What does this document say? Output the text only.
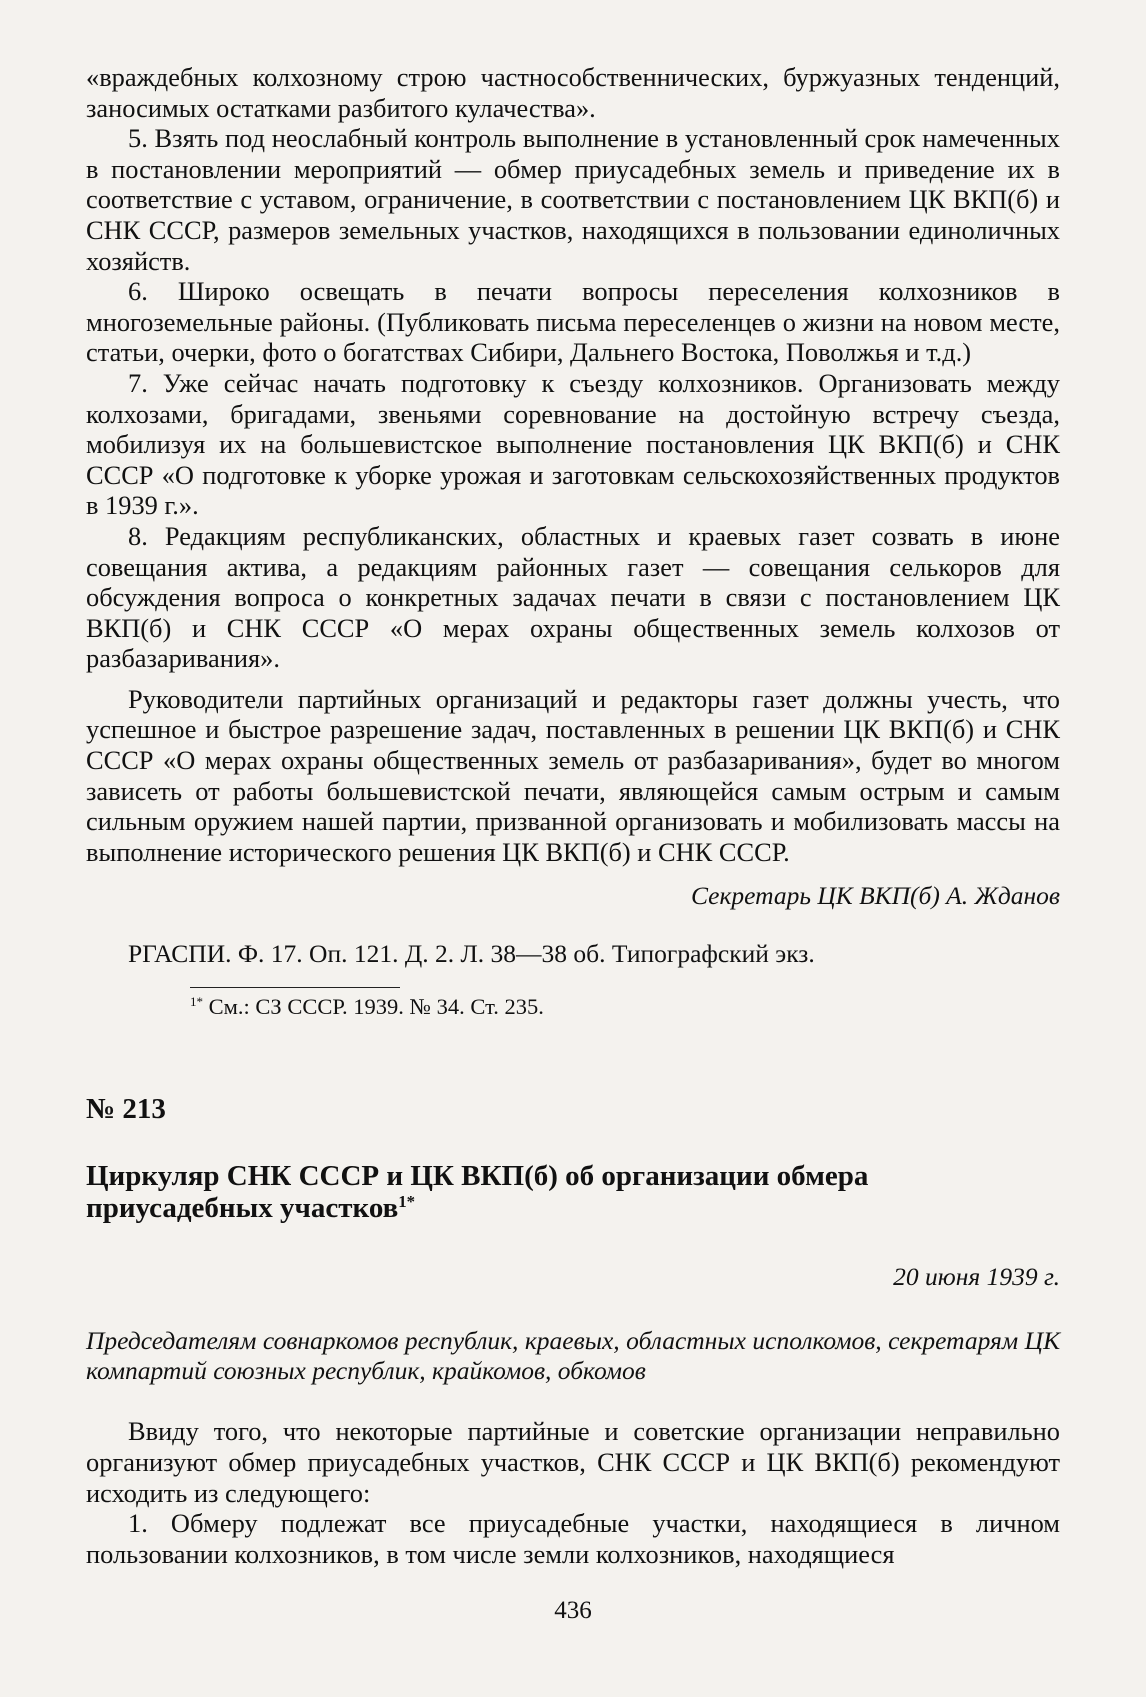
«враждебных колхозному строю частнособственнических, буржуазных тенденций, заносимых остатками разбитого кулачества».

5. Взять под неослабный контроль выполнение в установленный срок намеченных в постановлении мероприятий — обмер приусадебных земель и приведение их в соответствие с уставом, ограничение, в соответствии с постановлением ЦК ВКП(б) и СНК СССР, размеров земельных участков, находящихся в пользовании единоличных хозяйств.

6. Широко освещать в печати вопросы переселения колхозников в многоземельные районы. (Публиковать письма переселенцев о жизни на новом месте, статьи, очерки, фото о богатствах Сибири, Дальнего Востока, Поволжья и т.д.)

7. Уже сейчас начать подготовку к съезду колхозников. Организовать между колхозами, бригадами, звеньями соревнование на достойную встречу съезда, мобилизуя их на большевистское выполнение постановления ЦК ВКП(б) и СНК СССР «О подготовке к уборке урожая и заготовкам сельскохозяйственных продуктов в 1939 г.».

8. Редакциям республиканских, областных и краевых газет созвать в июне совещания актива, а редакциям районных газет — совещания селькоров для обсуждения вопроса о конкретных задачах печати в связи с постановлением ЦК ВКП(б) и СНК СССР «О мерах охраны общественных земель колхозов от разбазаривания».

Руководители партийных организаций и редакторы газет должны учесть, что успешное и быстрое разрешение задач, поставленных в решении ЦК ВКП(б) и СНК СССР «О мерах охраны общественных земель от разбазаривания», будет во многом зависеть от работы большевистской печати, являющейся самым острым и самым сильным оружием нашей партии, призванной организовать и мобилизовать массы на выполнение исторического решения ЦК ВКП(б) и СНК СССР.

Секретарь ЦК ВКП(б) А. Жданов

РГАСПИ. Ф. 17. Оп. 121. Д. 2. Л. 38—38 об. Типографский экз.

$^{1*}$ См.: СЗ СССР. 1939. № 34. Ст. 235.

№ 213

Циркуляр СНК СССР и ЦК ВКП(б) об организации обмера приусадебных участков$^{1*}$

20 июня 1939 г.

Председателям совнаркомов республик, краевых, областных исполкомов, секретарям ЦК компартий союзных республик, крайкомов, обкомов

Ввиду того, что некоторые партийные и советские организации неправильно организуют обмер приусадебных участков, СНК СССР и ЦК ВКП(б) рекомендуют исходить из следующего:

1. Обмеру подлежат все приусадебные участки, находящиеся в личном пользовании колхозников, в том числе земли колхозников, находящиеся

436
